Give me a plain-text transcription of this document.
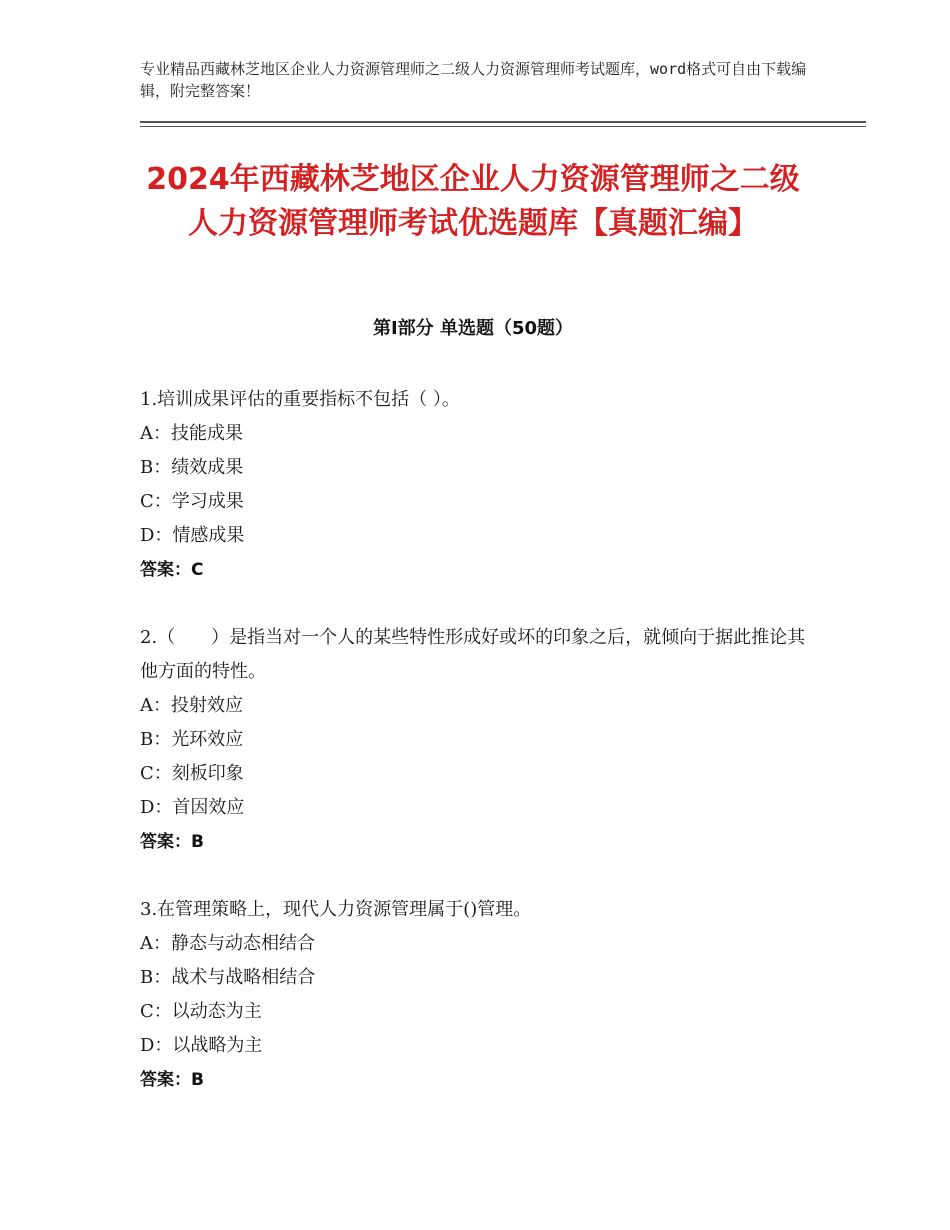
专业精品西藏林芝地区企业人力资源管理师之二级人力资源管理师考试题库，word格式可自由下载编辑，附完整答案！
2024年西藏林芝地区企业人力资源管理师之二级人力资源管理师考试优选题库【真题汇编】
第Ⅰ部分 单选题（50题）
1.培训成果评估的重要指标不包括（ ）。
A：技能成果
B：绩效成果
C：学习成果
D：情感成果
答案：C
2.（　　）是指当对一个人的某些特性形成好或坏的印象之后，就倾向于据此推论其他方面的特性。
A：投射效应
B：光环效应
C：刻板印象
D：首因效应
答案：B
3.在管理策略上，现代人力资源管理属于()管理。
A：静态与动态相结合
B：战术与战略相结合
C：以动态为主
D：以战略为主
答案：B
